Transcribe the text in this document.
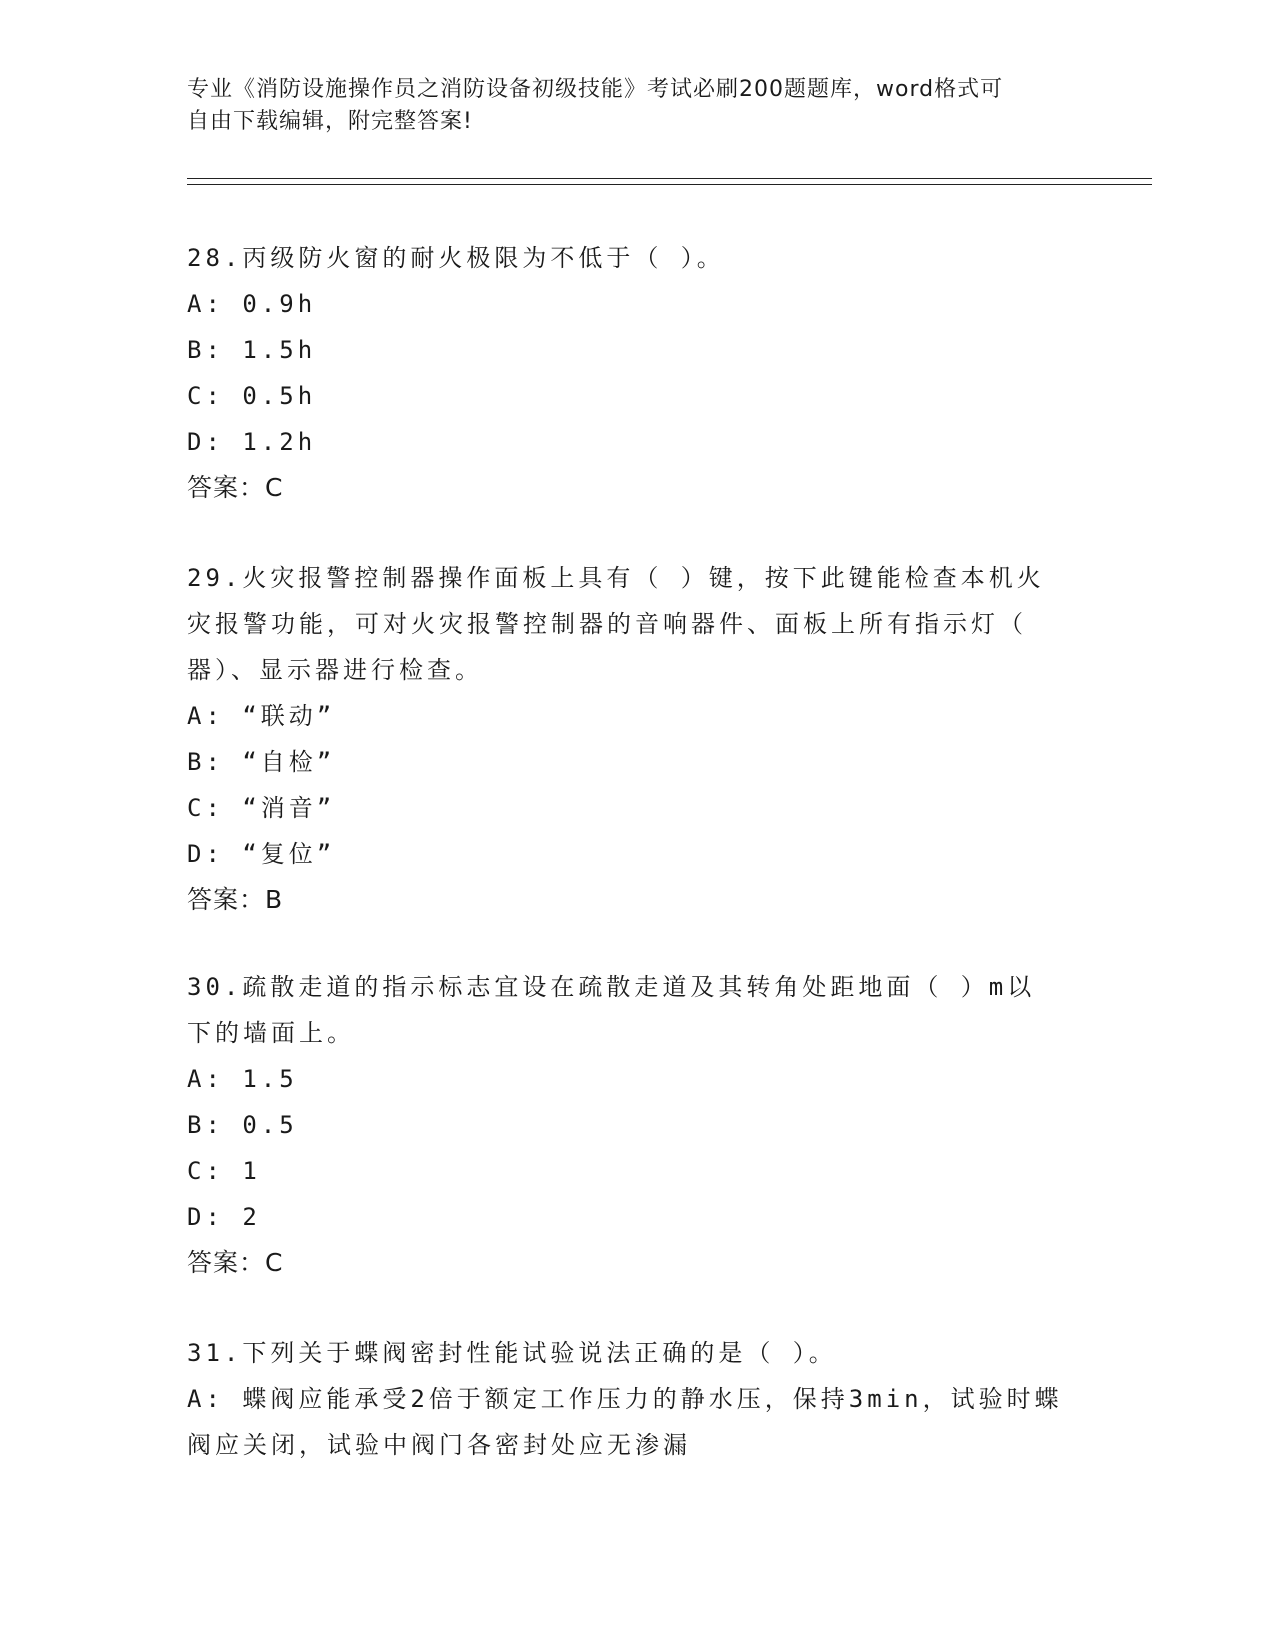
专业《消防设施操作员之消防设备初级技能》考试必刷200题题库，word格式可
自由下载编辑，附完整答案!
28.丙级防火窗的耐火极限为不低于（ ）。
A: 0.9h
B: 1.5h
C: 0.5h
D: 1.2h
答案：C
29.火灾报警控制器操作面板上具有（ ）键，按下此键能检查本机火
灾报警功能，可对火灾报警控制器的音响器件、面板上所有指示灯（
器）、显示器进行检查。
A: “联动”
B: “自检”
C: “消音”
D: “复位”
答案：B
30.疏散走道的指示标志宜设在疏散走道及其转角处距地面（ ）m以
下的墙面上。
A: 1.5
B: 0.5
C: 1
D: 2
答案：C
31.下列关于蝶阀密封性能试验说法正确的是（ ）。
A: 蝶阀应能承受2倍于额定工作压力的静水压，保持3min，试验时蝶
阀应关闭，试验中阀门各密封处应无渗漏
